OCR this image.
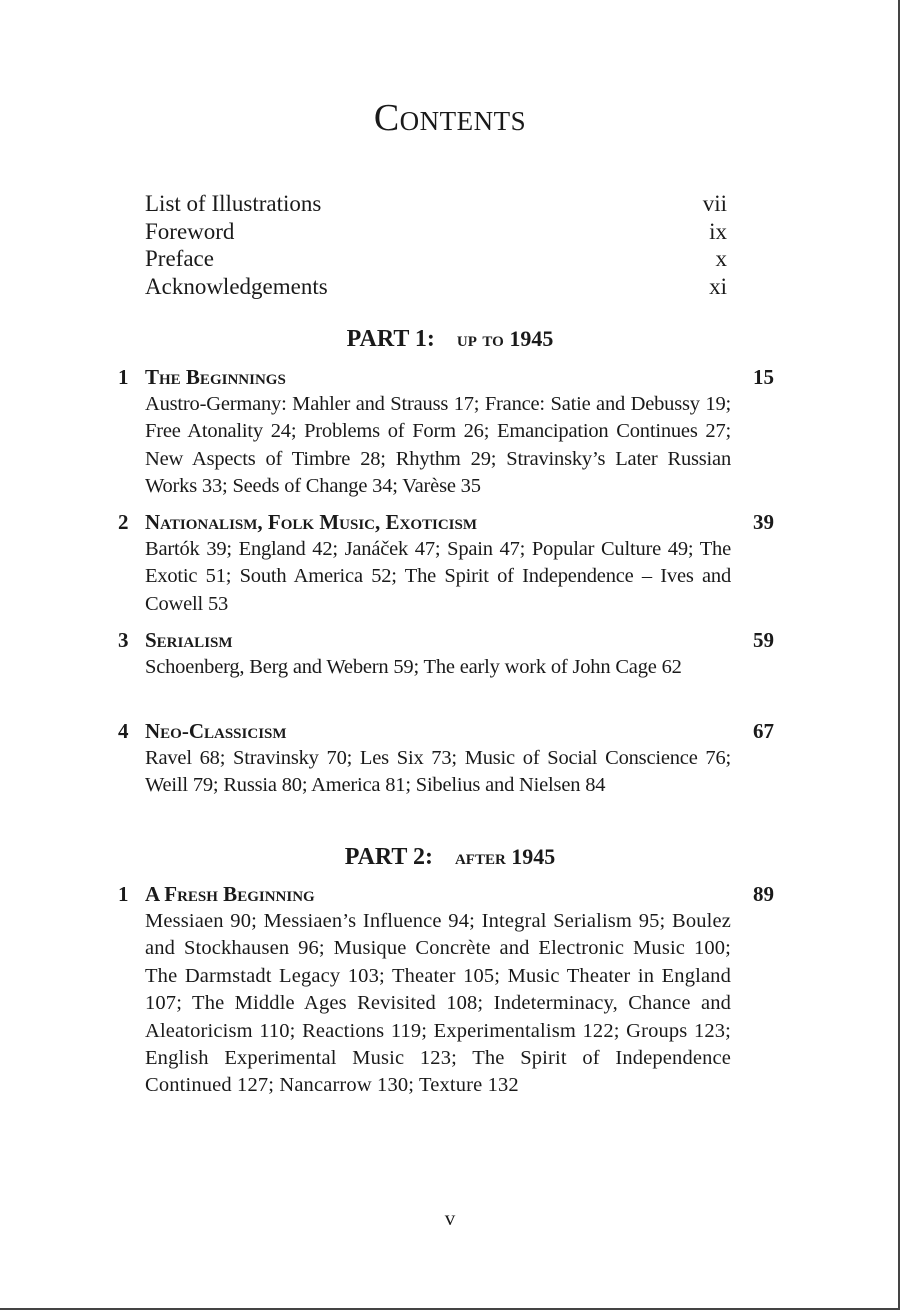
Contents
List of Illustrations	vii
Foreword	ix
Preface	x
Acknowledgements	xi
PART 1: up to 1945
1 The Beginnings	15
Austro-Germany: Mahler and Strauss 17; France: Satie and Debussy 19; Free Atonality 24; Problems of Form 26; Emancipation Continues 27; New Aspects of Timbre 28; Rhythm 29; Stravinsky’s Later Russian Works 33; Seeds of Change 34; Varèse 35
2 Nationalism, Folk Music, Exoticism	39
Bartók 39; England 42; Janáček 47; Spain 47; Popular Culture 49; The Exotic 51; South America 52; The Spirit of Independence – Ives and Cowell 53
3 Serialism	59
Schoenberg, Berg and Webern 59; The early work of John Cage 62
4 Neo-Classicism	67
Ravel 68; Stravinsky 70; Les Six 73; Music of Social Conscience 76; Weill 79; Russia 80; America 81; Sibelius and Nielsen 84
PART 2: after 1945
1 A Fresh Beginning	89
Messiaen 90; Messiaen’s Influence 94; Integral Serialism 95; Boulez and Stockhausen 96; Musique Concrète and Electronic Music 100; The Darmstadt Legacy 103; Theater 105; Music Theater in England 107; The Middle Ages Revisited 108; Indeterminacy, Chance and Aleatoricism 110; Reactions 119; Experimentalism 122; Groups 123; English Experimental Music 123; The Spirit of Independence Continued 127; Nancarrow 130; Texture 132
v
